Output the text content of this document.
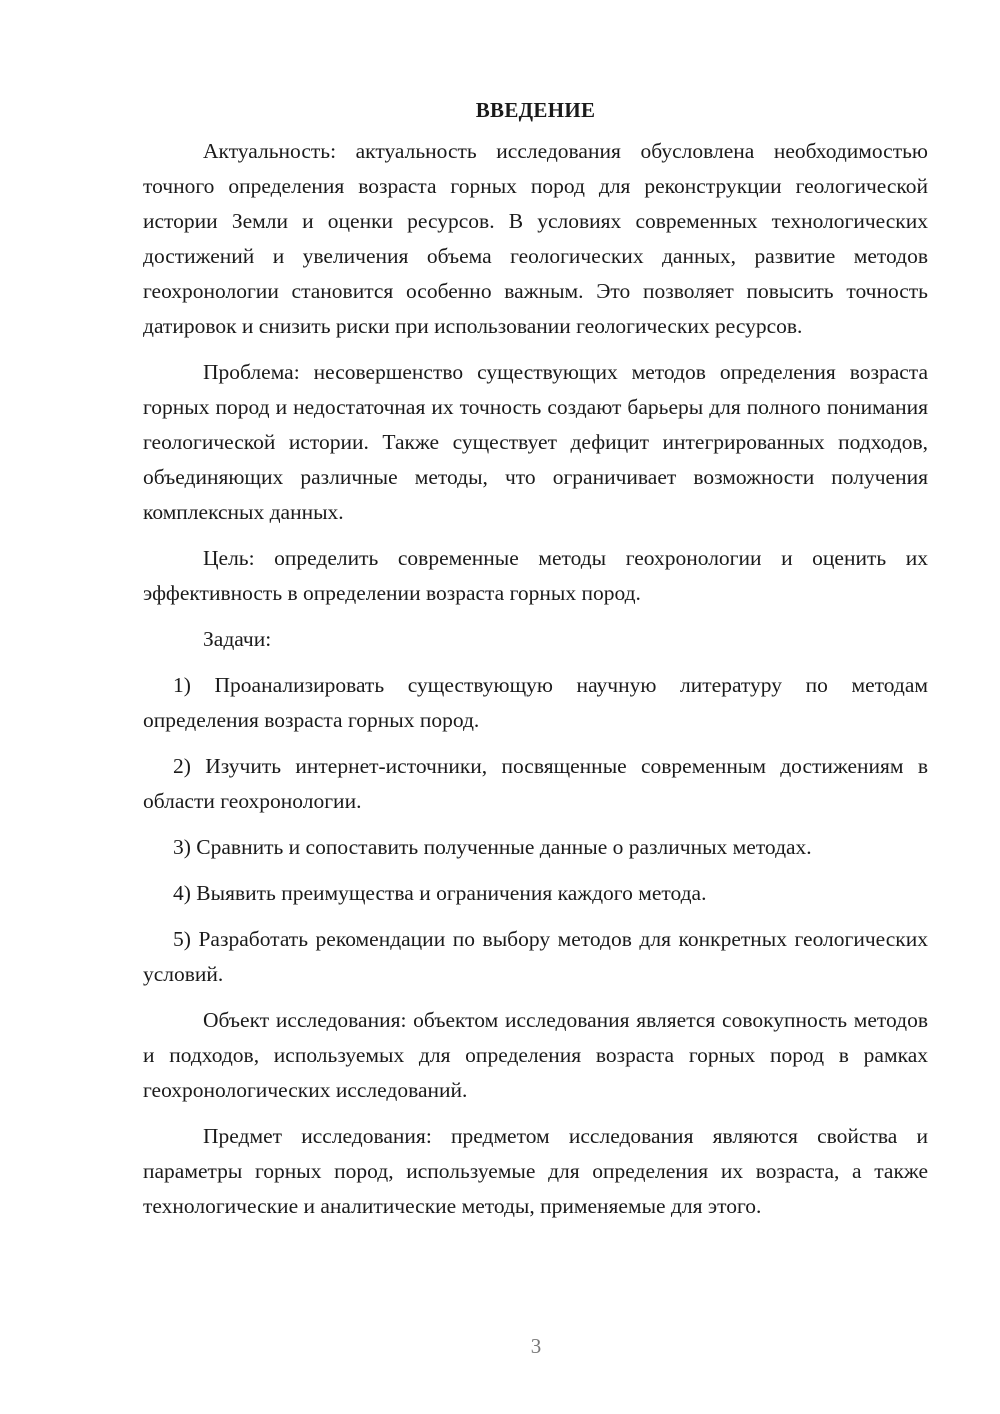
ВВЕДЕНИЕ

Актуальность: актуальность исследования обусловлена необходимостью точного определения возраста горных пород для реконструкции геологической истории Земли и оценки ресурсов. В условиях современных технологических достижений и увеличения объема геологических данных, развитие методов геохронологии становится особенно важным. Это позволяет повысить точность датировок и снизить риски при использовании геологических ресурсов.

Проблема: несовершенство существующих методов определения возраста горных пород и недостаточная их точность создают барьеры для полного понимания геологической истории. Также существует дефицит интегрированных подходов, объединяющих различные методы, что ограничивает возможности получения комплексных данных.

Цель: определить современные методы геохронологии и оценить их эффективность в определении возраста горных пород.

Задачи:

1) Проанализировать существующую научную литературу по методам определения возраста горных пород.

2) Изучить интернет-источники, посвященные современным достижениям в области геохронологии.

3) Сравнить и сопоставить полученные данные о различных методах.

4) Выявить преимущества и ограничения каждого метода.

5) Разработать рекомендации по выбору методов для конкретных геологических условий.

Объект исследования: объектом исследования является совокупность методов и подходов, используемых для определения возраста горных пород в рамках геохронологических исследований.

Предмет исследования: предметом исследования являются свойства и параметры горных пород, используемые для определения их возраста, а также технологические и аналитические методы, применяемые для этого.

3
